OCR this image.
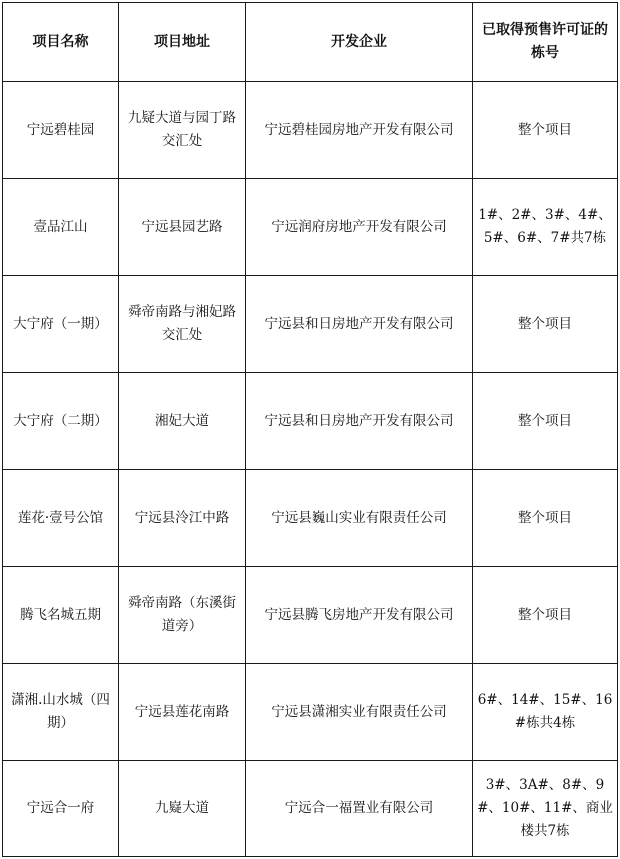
项目名称	项目地址	开发企业	已取得预售许可证的栋号
宁远碧桂园	九疑大道与园丁路交汇处	宁远碧桂园房地产开发有限公司	整个项目
壹品江山	宁远县园艺路	宁远润府房地产开发有限公司	1#、2#、3#、4#、5#、6#、7#共7栋
大宁府（一期）	舜帝南路与湘妃路交汇处	宁远县和日房地产开发有限公司	整个项目
大宁府（二期）	湘妃大道	宁远县和日房地产开发有限公司	整个项目
莲花·壹号公馆	宁远县泠江中路	宁远县巍山实业有限责任公司	整个项目
腾飞名城五期	舜帝南路（东溪街道旁）	宁远县腾飞房地产开发有限公司	整个项目
潇湘.山水城（四期）	宁远县莲花南路	宁远县潇湘实业有限责任公司	6#、14#、15#、16#栋共4栋
宁远合一府	九嶷大道	宁远合一福置业有限公司	3#、3A#、8#、9#、10#、11#、商业楼共7栋
